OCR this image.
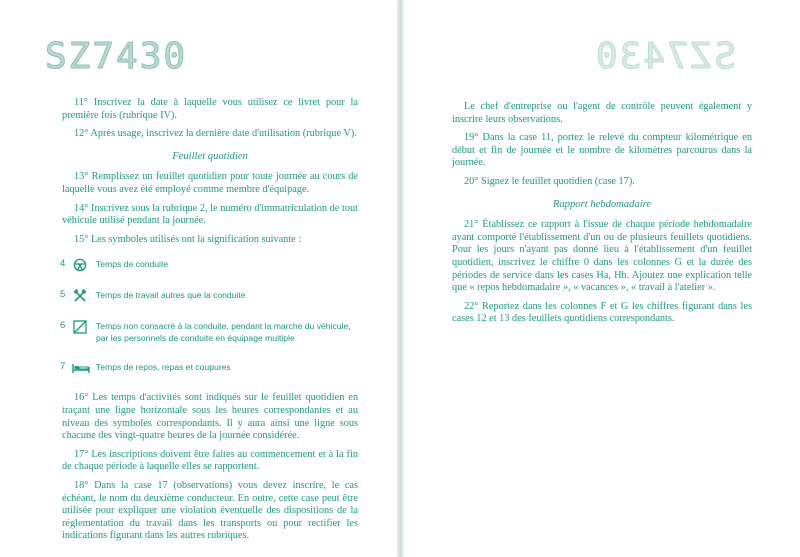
SZ7430	SZ7430

11° Inscrivez la date à laquelle vous utilisez ce livret pour la première fois (rubrique IV).

12° Après usage, inscrivez la dernière date d'utilisation (rubrique V).

Feuillet quotidien

13° Remplissez un feuillet quotidien pour toute journée au cours de laquelle vous avez été employé comme membre d'équipage.

14° Inscrivez sous la rubrique 2, le numéro d'immatriculation de tout véhicule utilisé pendant la journée.

15° Les symboles utilisés ont la signification suivante :

4	Temps de conduite
5	Temps de travail autres que la conduite
6	Temps non consacré à la conduite, pendant la marche du véhicule, par les personnels de conduite en équipage multiple
7	Temps de repos, repas et coupures

16° Les temps d'activités sont indiqués sur le feuillet quotidien en traçant une ligne horizontale sous les heures correspondantes et au niveau des symboles correspondants. Il y aura ainsi une ligne sous chacune des vingt-quatre heures de la journée considérée.

17° Les inscriptions doivent être faites au commencement et à la fin de chaque période à laquelle elles se rapportent.

18° Dans la case 17 (observations) vous devez inscrire, le cas échéant, le nom du deuxième conducteur. En outre, cette case peut être utilisée pour expliquer une violation éventuelle des dispositions de la réglementation du travail dans les transports ou pour rectifier les indications figurant dans les autres rubriques.

Le chef d'entreprise ou l'agent de contrôle peuvent également y inscrire leurs observations.

19° Dans la case 11, portez le relevé du compteur kilométrique en début et fin de journée et le nombre de kilomètres parcourus dans la journée.

20° Signez le feuillet quotidien (case 17).

Rapport hebdomadaire

21° Établissez ce rapport à l'issue de chaque période hebdomadaire ayant comporté l'établissement d'un ou de plusieurs feuillets quotidiens. Pour les jours n'ayant pas donné lieu à l'établissement d'un feuillet quotidien, inscrivez le chiffre 0 dans les colonnes G et la durée des périodes de service dans les cases Ha, Hb. Ajoutez une explication telle que « repos hebdomadaire », « vacances », « travail à l'atelier ».

22° Reportez dans les colonnes F et G les chiffres figurant dans les cases 12 et 13 des feuillets quotidiens correspondants.
